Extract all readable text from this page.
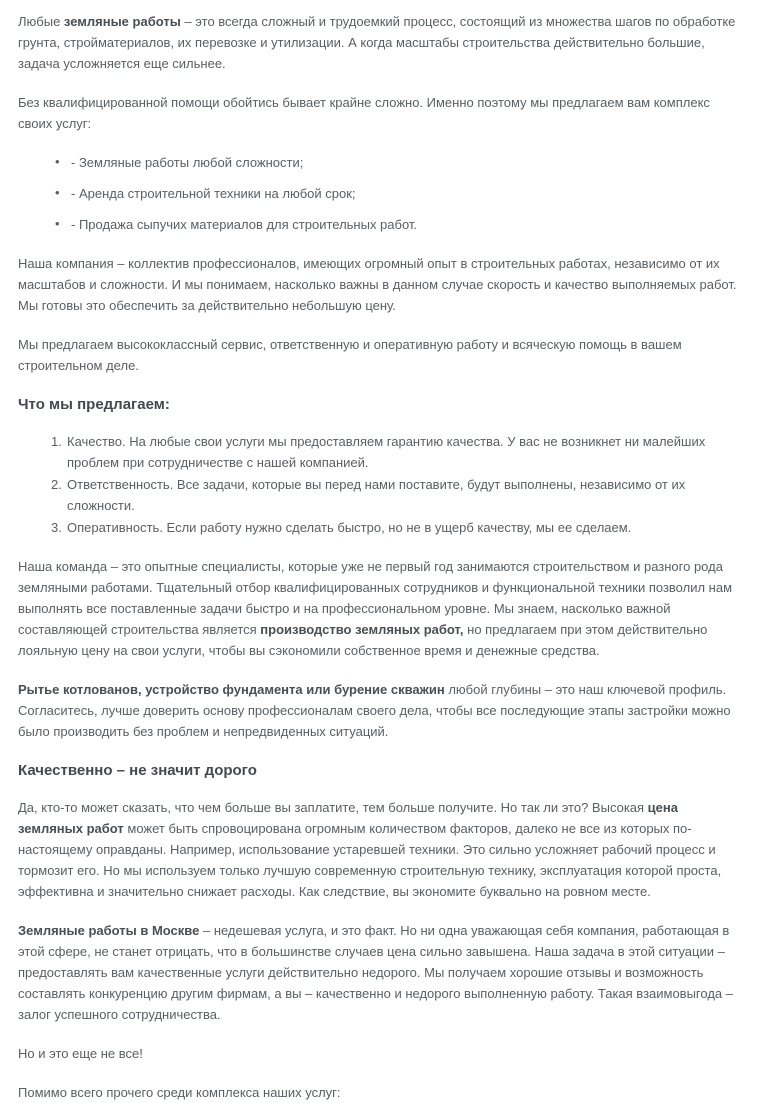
Любые земляные работы – это всегда сложный и трудоемкий процесс, состоящий из множества шагов по обработке грунта, стройматериалов, их перевозке и утилизации. А когда масштабы строительства действительно большие, задача усложняется еще сильнее.

Без квалифицированной помощи обойтись бывает крайне сложно. Именно поэтому мы предлагаем вам комплекс своих услуг:

• - Земляные работы любой сложности;
• - Аренда строительной техники на любой срок;
• - Продажа сыпучих материалов для строительных работ.

Наша компания – коллектив профессионалов, имеющих огромный опыт в строительных работах, независимо от их масштабов и сложности. И мы понимаем, насколько важны в данном случае скорость и качество выполняемых работ. Мы готовы это обеспечить за действительно небольшую цену.

Мы предлагаем высококлассный сервис, ответственную и оперативную работу и всяческую помощь в вашем строительном деле.

Что мы предлагаем:
Качество. На любые свои услуги мы предоставляем гарантию качества. У вас не возникнет ни малейших проблем при сотрудничестве с нашей компанией.
Ответственность. Все задачи, которые вы перед нами поставите, будут выполнены, независимо от их сложности.
Оперативность. Если работу нужно сделать быстро, но не в ущерб качеству, мы ее сделаем.

Наша команда – это опытные специалисты, которые уже не первый год занимаются строительством и разного рода земляными работами. Тщательный отбор квалифицированных сотрудников и функциональной техники позволил нам выполнять все поставленные задачи быстро и на профессиональном уровне. Мы знаем, насколько важной составляющей строительства является производство земляных работ, но предлагаем при этом действительно лояльную цену на свои услуги, чтобы вы сэкономили собственное время и денежные средства.

Рытье котлованов, устройство фундамента или бурение скважин любой глубины – это наш ключевой профиль. Согласитесь, лучше доверить основу профессионалам своего дела, чтобы все последующие этапы застройки можно было производить без проблем и непредвиденных ситуаций.

Качественно – не значит дорого

Да, кто-то может сказать, что чем больше вы заплатите, тем больше получите. Но так ли это? Высокая цена земляных работ может быть спровоцирована огромным количеством факторов, далеко не все из которых по-настоящему оправданы. Например, использование устаревшей техники. Это сильно усложняет рабочий процесс и тормозит его. Но мы используем только лучшую современную строительную технику, эксплуатация которой проста, эффективна и значительно снижает расходы. Как следствие, вы экономите буквально на ровном месте.

Земляные работы в Москве – недешевая услуга, и это факт. Но ни одна уважающая себя компания, работающая в этой сфере, не станет отрицать, что в большинстве случаев цена сильно завышена. Наша задача в этой ситуации – предоставлять вам качественные услуги действительно недорого. Мы получаем хорошие отзывы и возможность составлять конкуренцию другим фирмам, а вы – качественно и недорого выполненную работу. Такая взаимовыгода – залог успешного сотрудничества.

Но и это еще не все!

Помимо всего прочего среди комплекса наших услуг:
